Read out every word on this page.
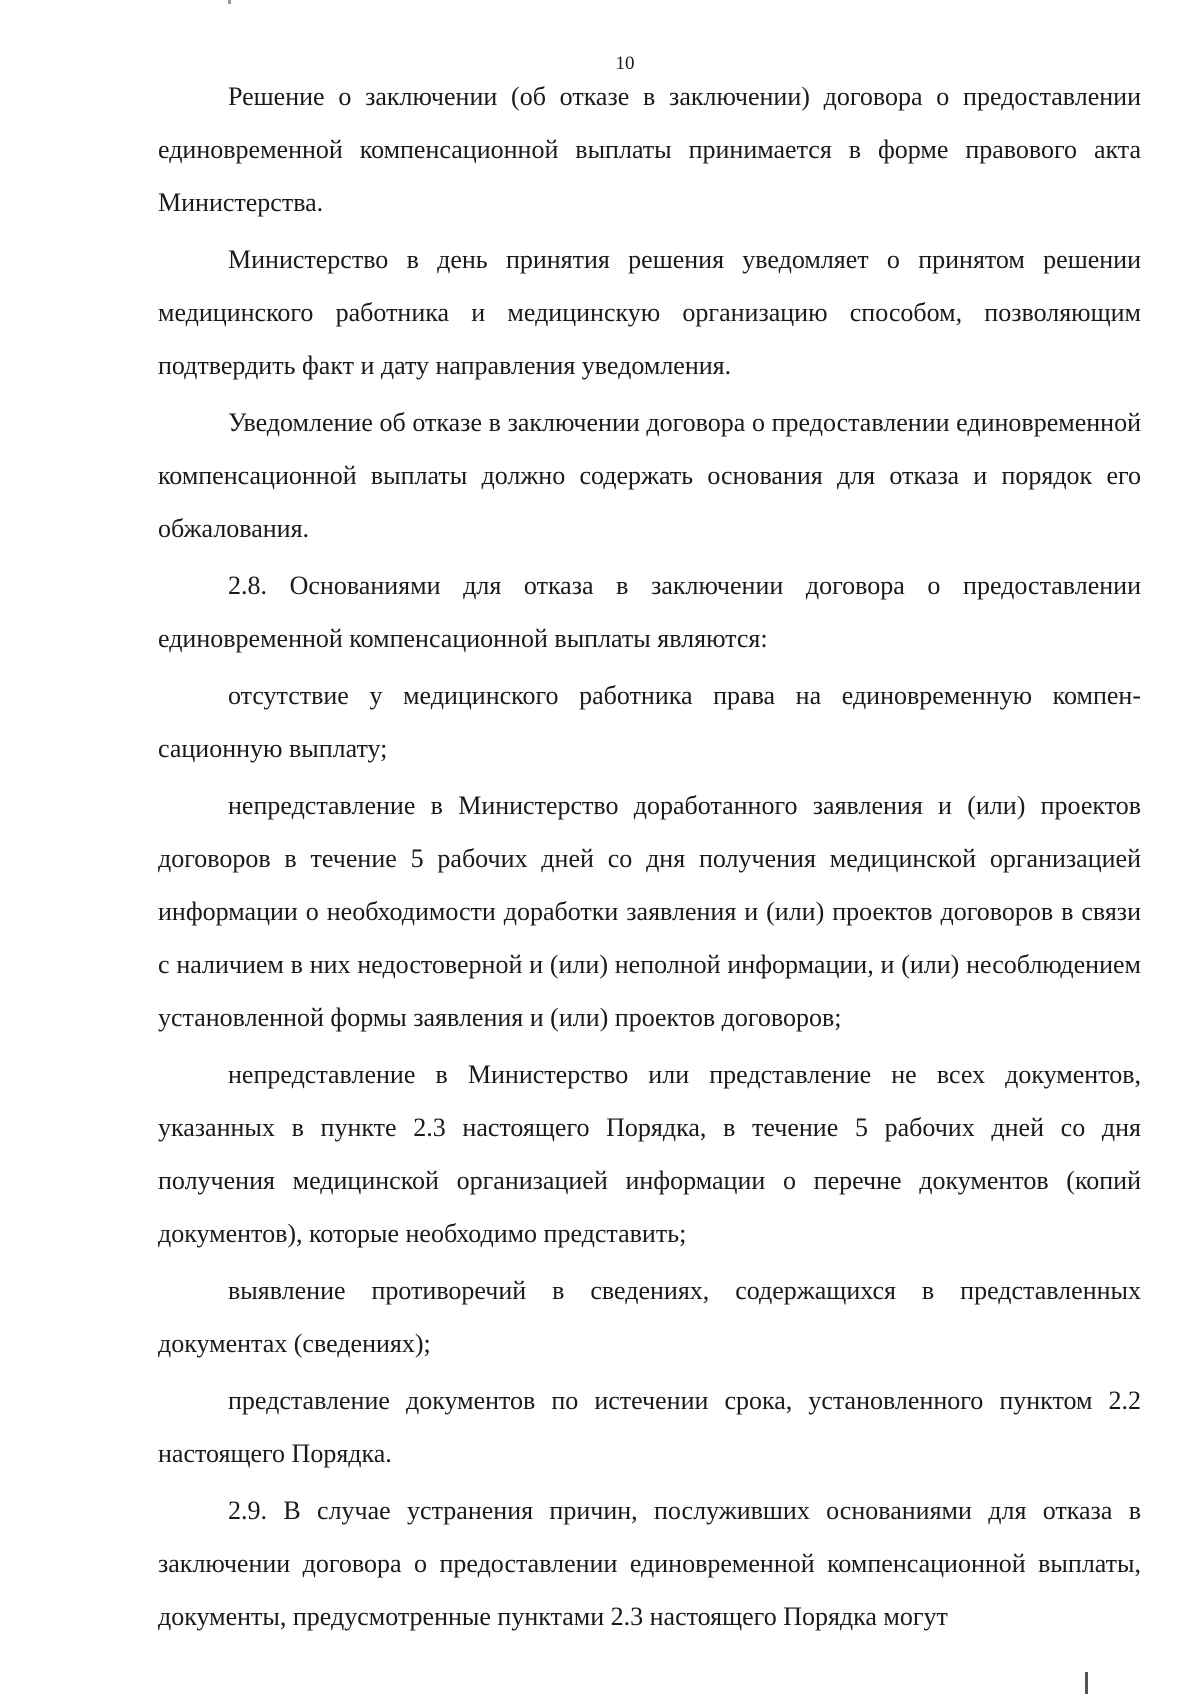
10

Решение о заключении (об отказе в заключении) договора о предоставлении единовременной компенсационной выплаты принимается в форме правового акта Министерства.

Министерство в день принятия решения уведомляет о принятом решении медицинского работника и медицинскую организацию способом, позволяющим подтвердить факт и дату направления уведомления.

Уведомление об отказе в заключении договора о предоставлении единовременной компенсационной выплаты должно содержать основания для отказа и порядок его обжалования.

2.8. Основаниями для отказа в заключении договора о предоставлении единовременной компенсационной выплаты являются:

отсутствие у медицинского работника права на единовременную компенсационную выплату;

непредставление в Министерство доработанного заявления и (или) проектов договоров в течение 5 рабочих дней со дня получения медицинской организацией информации о необходимости доработки заявления и (или) проектов договоров в связи с наличием в них недостоверной и (или) неполной информации, и (или) несоблюдением установленной формы заявления и (или) проектов договоров;

непредставление в Министерство или представление не всех документов, указанных в пункте 2.3 настоящего Порядка, в течение 5 рабочих дней со дня получения медицинской организацией информации о перечне документов (копий документов), которые необходимо представить;

выявление противоречий в сведениях, содержащихся в представленных документах (сведениях);

представление документов по истечении срока, установленного пунктом 2.2 настоящего Порядка.

2.9. В случае устранения причин, послуживших основаниями для отказа в заключении договора о предоставлении единовременной компенсационной выплаты, документы, предусмотренные пунктами 2.3 настоящего Порядка могут
